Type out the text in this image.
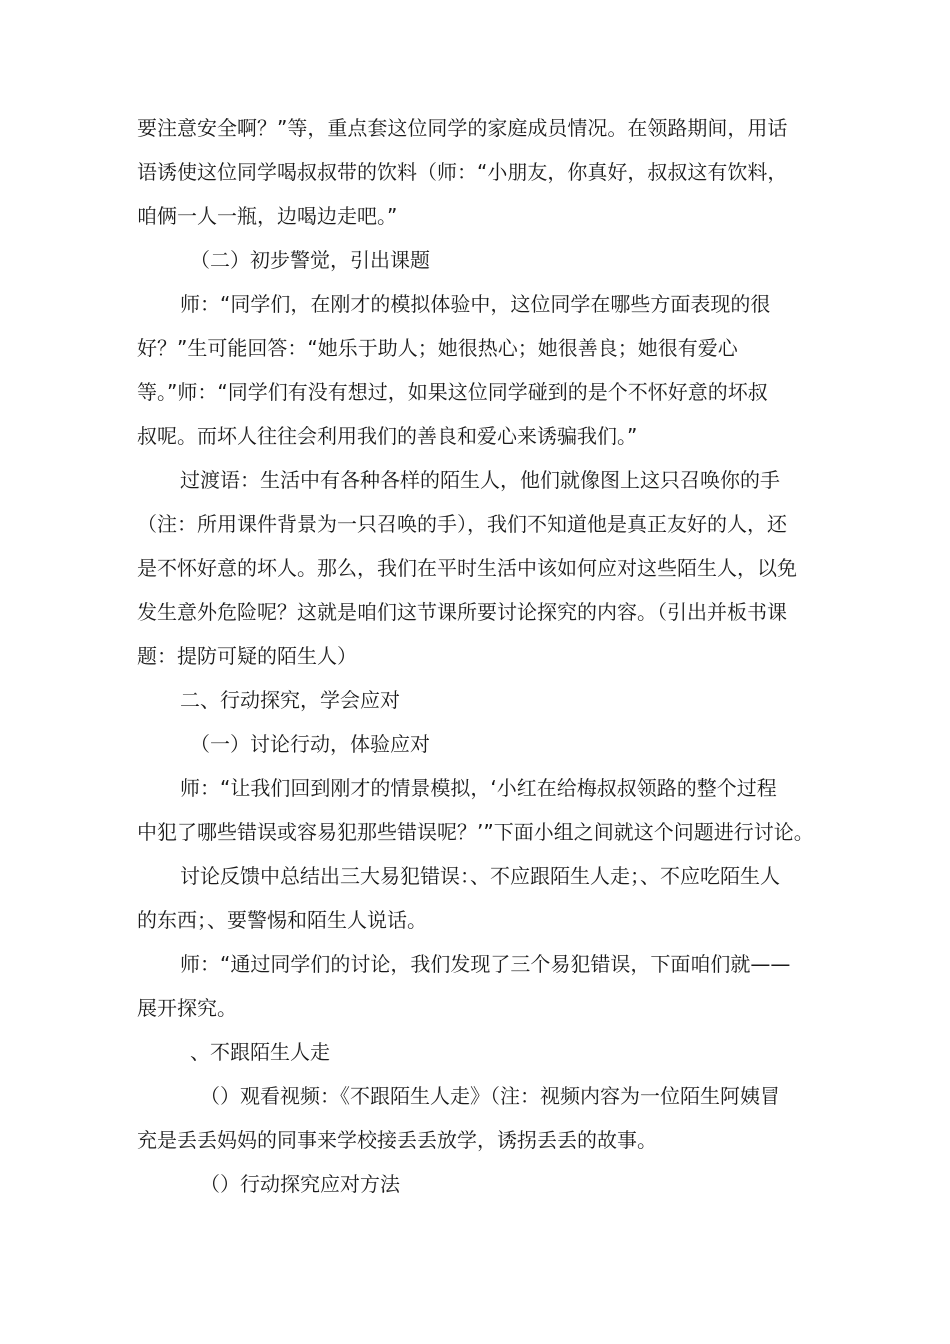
要注意安全啊？”等，重点套这位同学的家庭成员情况。在领路期间，用话
语诱使这位同学喝叔叔带的饮料（师：“小朋友，你真好，叔叔这有饮料，
咱俩一人一瓶，边喝边走吧。”
（二）初步警觉，引出课题
师：“同学们，在刚才的模拟体验中，这位同学在哪些方面表现的很
好？”生可能回答：“她乐于助人；她很热心；她很善良；她很有爱心
等。”师：“同学们有没有想过，如果这位同学碰到的是个不怀好意的坏叔
叔呢。而坏人往往会利用我们的善良和爱心来诱骗我们。”
过渡语：生活中有各种各样的陌生人，他们就像图上这只召唤你的手
（注：所用课件背景为一只召唤的手），我们不知道他是真正友好的人，还
是不怀好意的坏人。那么，我们在平时生活中该如何应对这些陌生人，以免
发生意外危险呢？这就是咱们这节课所要讨论探究的内容。（引出并板书课
题：提防可疑的陌生人）
二、行动探究，学会应对
（一）讨论行动，体验应对
师：“让我们回到刚才的情景模拟，‘小红在给梅叔叔领路的整个过程
中犯了哪些错误或容易犯那些错误呢？’”下面小组之间就这个问题进行讨论。
讨论反馈中总结出三大易犯错误：、不应跟陌生人走；、不应吃陌生人
的东西；、要警惕和陌生人说话。
师：“通过同学们的讨论，我们发现了三个易犯错误，下面咱们就——
展开探究。
、不跟陌生人走
（）观看视频：《不跟陌生人走》（注：视频内容为一位陌生阿姨冒
充是丢丢妈妈的同事来学校接丢丢放学，诱拐丢丢的故事。
（）行动探究应对方法
